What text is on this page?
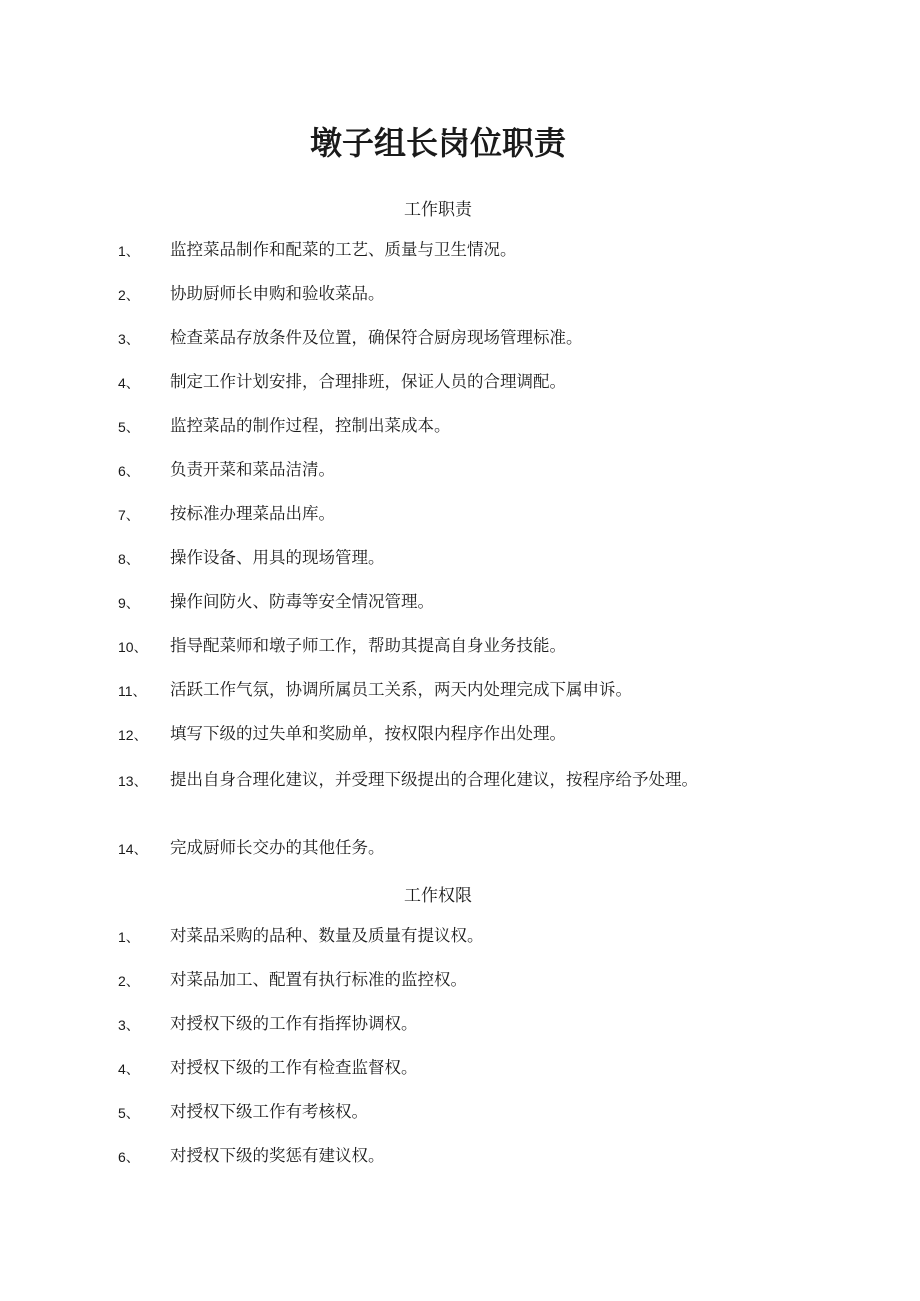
墩子组长岗位职责
工作职责
1、	监控菜品制作和配菜的工艺、质量与卫生情况。
2、	协助厨师长申购和验收菜品。
3、	检查菜品存放条件及位置，确保符合厨房现场管理标准。
4、	制定工作计划安排，合理排班，保证人员的合理调配。
5、	监控菜品的制作过程，控制出菜成本。
6、	负责开菜和菜品洁清。
7、	按标准办理菜品出库。
8、	操作设备、用具的现场管理。
9、	操作间防火、防毒等安全情况管理。
10、	指导配菜师和墩子师工作，帮助其提高自身业务技能。
11、	活跃工作气氛，协调所属员工关系，两天内处理完成下属申诉。
12、	填写下级的过失单和奖励单，按权限内程序作出处理。
13、	提出自身合理化建议，并受理下级提出的合理化建议，按程序给予处理。
14、	完成厨师长交办的其他任务。
工作权限
1、	对菜品采购的品种、数量及质量有提议权。
2、	对菜品加工、配置有执行标准的监控权。
3、	对授权下级的工作有指挥协调权。
4、	对授权下级的工作有检查监督权。
5、	对授权下级工作有考核权。
6、	对授权下级的奖惩有建议权。
